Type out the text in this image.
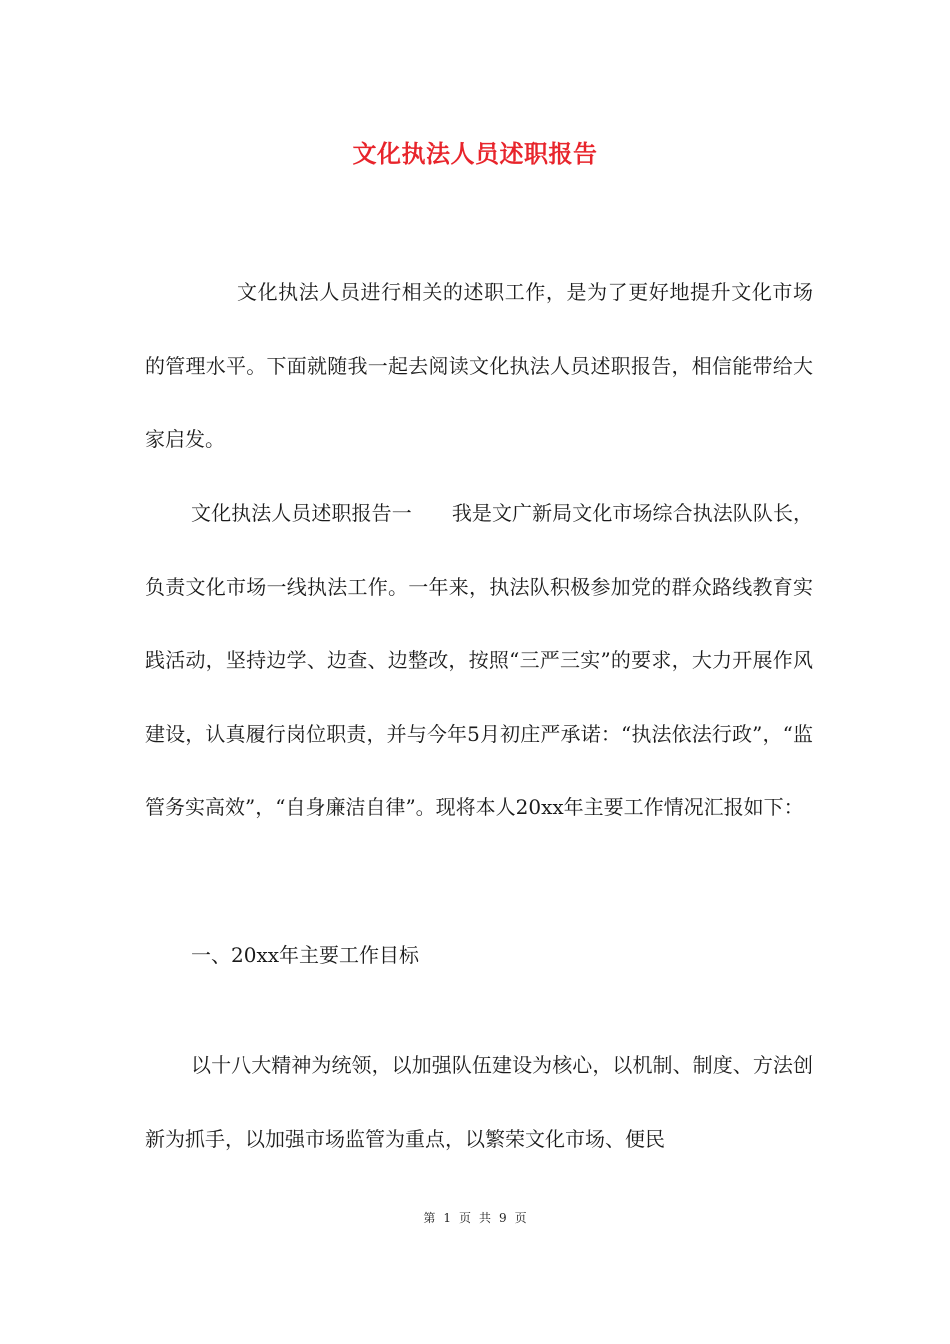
文化执法人员述职报告

文化执法人员进行相关的述职工作，是为了更好地提升文化市场的管理水平。下面就随我一起去阅读文化执法人员述职报告，相信能带给大家启发。

文化执法人员述职报告一 我是文广新局文化市场综合执法队队长，负责文化市场一线执法工作。一年来，执法队积极参加党的群众路线教育实践活动，坚持边学、边查、边整改，按照“三严三实”的要求，大力开展作风建设，认真履行岗位职责，并与今年5月初庄严承诺：“执法依法行政”，“监管务实高效”，“自身廉洁自律”。现将本人20xx年主要工作情况汇报如下：

一、20xx年主要工作目标

以十八大精神为统领，以加强队伍建设为核心，以机制、制度、方法创新为抓手，以加强市场监管为重点，以繁荣文化市场、便民

第 1 页 共 9 页
